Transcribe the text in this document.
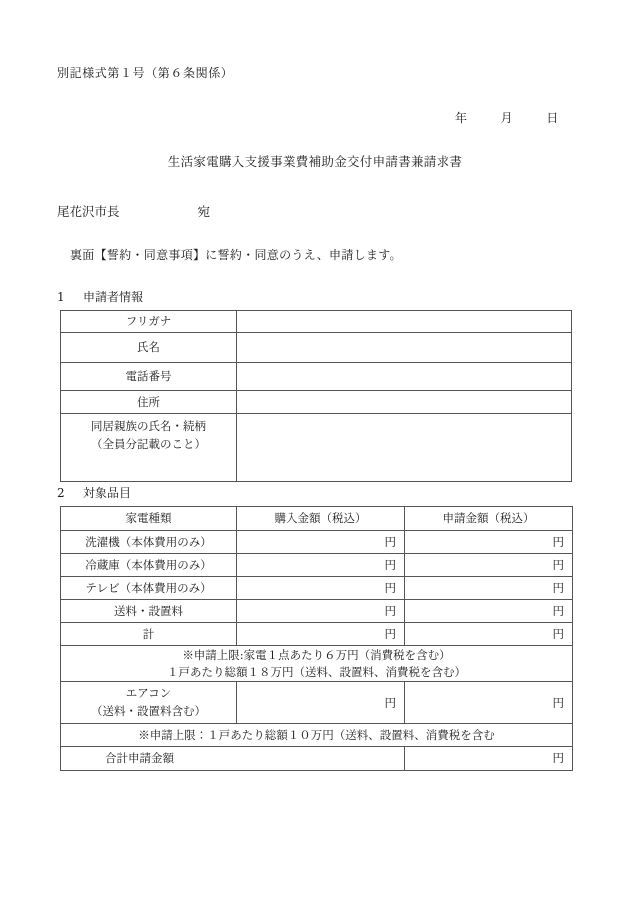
別記様式第１号（第６条関係）
年	月	日
生活家電購入支援事業費補助金交付申請書兼請求書
尾花沢市長	宛
裏面【誓約・同意事項】に誓約・同意のうえ、申請します。
1 申請者情報
フリガナ	
氏名	
電話番号	
住所	

同居親族の氏名・続柄
（全員分記載のこと）	

2 対象品目
家電種類	購入金額（税込）	申請金額（税込）
洗濯機（本体費用のみ）	円	円
冷蔵庫（本体費用のみ）	円	円
テレビ（本体費用のみ）	円	円
送料・設置料	円	円
計	円	円

※申請上限:家電１点あたり６万円（消費税を含む）
１戸あたり総額１８万円（送料、設置料、消費税を含む）		

エアコン
（送料・設置料含む）	円	円

※申請上限：１戸あたり総額１０万円（送料、設置料、消費税を含む		

合計申請金額		円
